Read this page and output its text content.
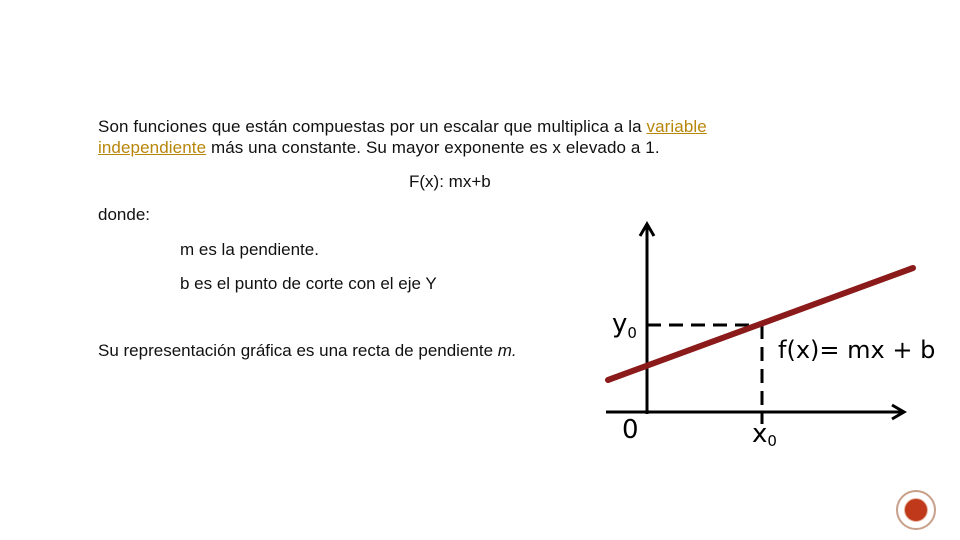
Son funciones que están compuestas por un escalar que multiplica a la variable independiente más una constante. Su mayor exponente es x elevado a 1.
F(x): mx+b
donde:
m es la pendiente.
b es el punto de corte con el eje Y
Su representación gráfica es una recta de pendiente m.
$y_0$
0	x0
f(x)= mx + b
